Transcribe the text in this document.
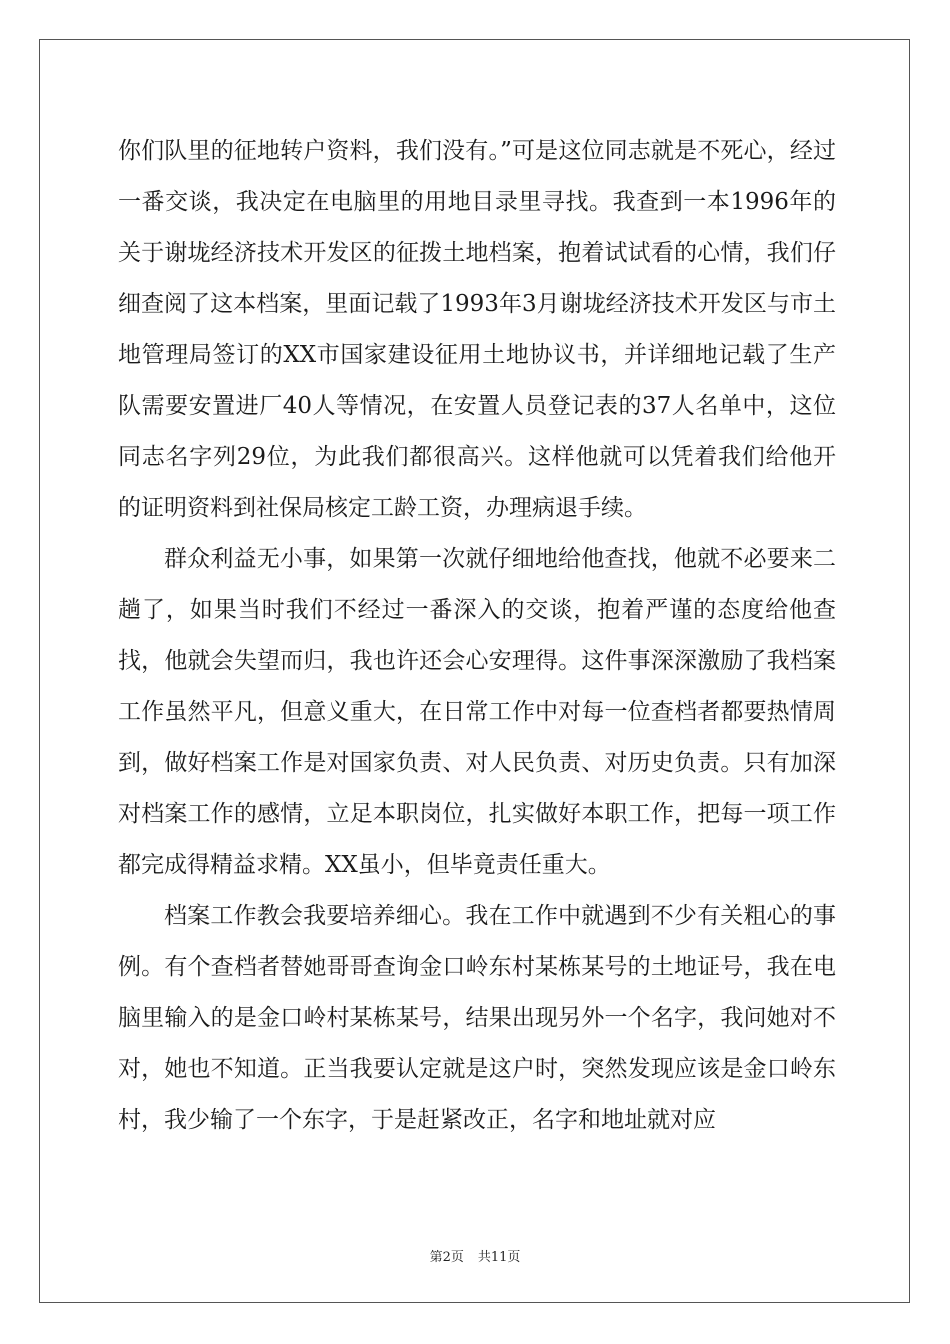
你们队里的征地转户资料，我们没有。”可是这位同志就是不死心，经过一番交谈，我决定在电脑里的用地目录里寻找。我查到一本1996年的关于谢垅经济技术开发区的征拨土地档案，抱着试试看的心情，我们仔细查阅了这本档案，里面记载了1993年3月谢垅经济技术开发区与市土地管理局签订的XX市国家建设征用土地协议书，并详细地记载了生产队需要安置进厂40人等情况，在安置人员登记表的37人名单中，这位同志名字列29位，为此我们都很高兴。这样他就可以凭着我们给他开的证明资料到社保局核定工龄工资，办理病退手续。

群众利益无小事，如果第一次就仔细地给他查找，他就不必要来二趟了，如果当时我们不经过一番深入的交谈，抱着严谨的态度给他查找，他就会失望而归，我也许还会心安理得。这件事深深激励了我档案工作虽然平凡，但意义重大，在日常工作中对每一位查档者都要热情周到，做好档案工作是对国家负责、对人民负责、对历史负责。只有加深对档案工作的感情，立足本职岗位，扎实做好本职工作，把每一项工作都完成得精益求精。XX虽小，但毕竟责任重大。

档案工作教会我要培养细心。我在工作中就遇到不少有关粗心的事例。有个查档者替她哥哥查询金口岭东村某栋某号的土地证号，我在电脑里输入的是金口岭村某栋某号，结果出现另外一个名字，我问她对不对，她也不知道。正当我要认定就是这户时，突然发现应该是金口岭东村，我少输了一个东字，于是赶紧改正，名字和地址就对应

第2页 共11页
